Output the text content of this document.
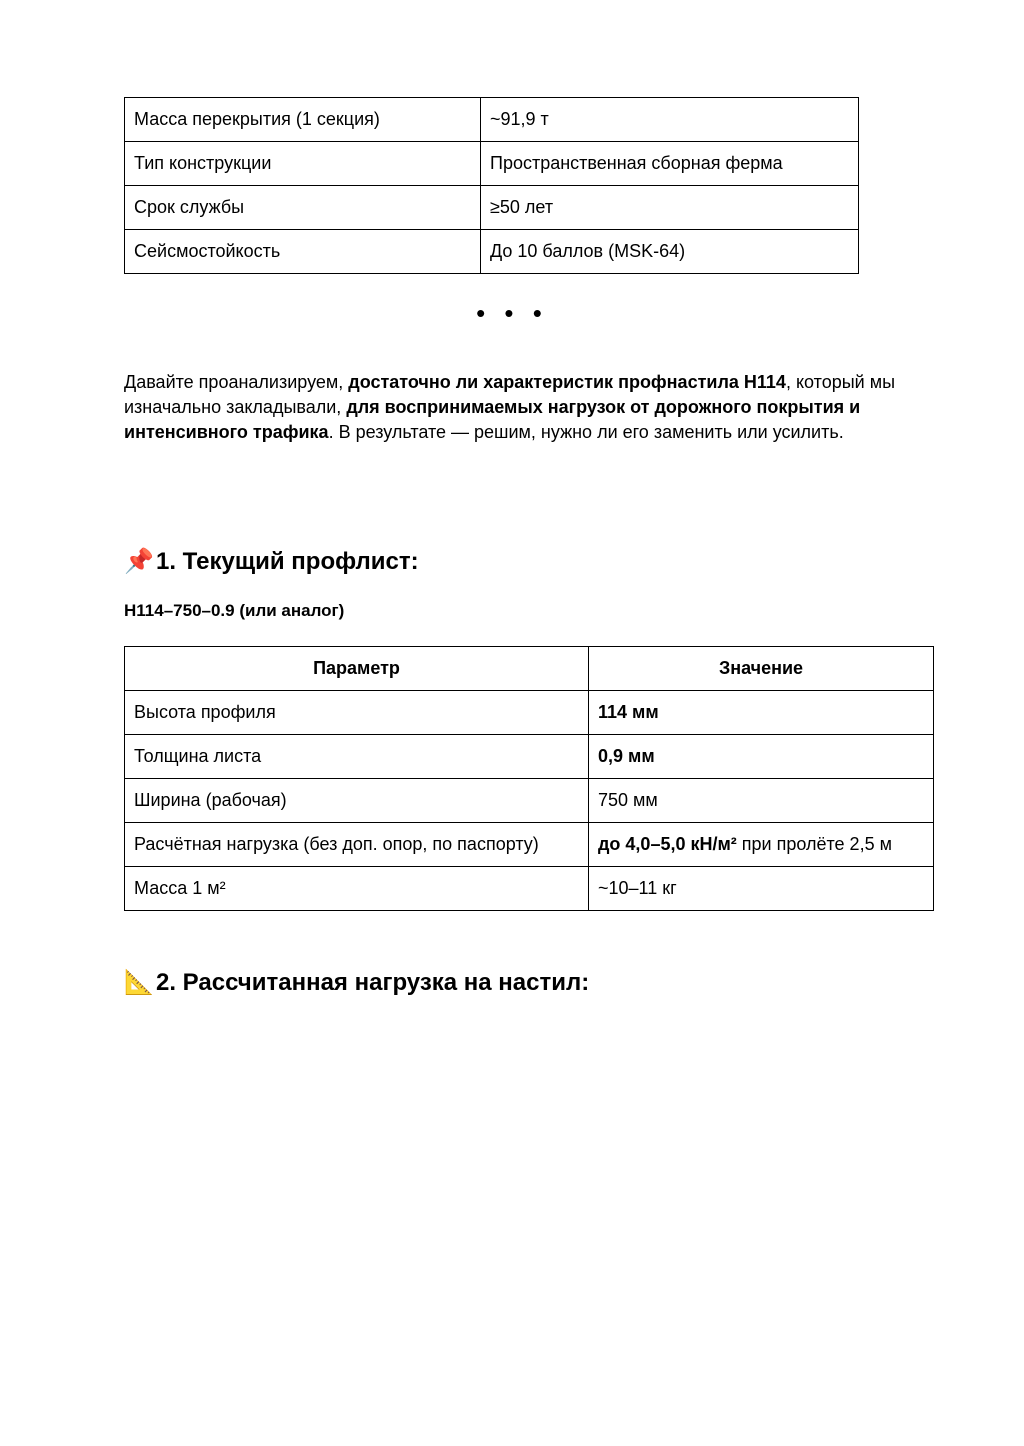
Масса перекрытия (1 секция)	~91,9 т
Тип конструкции	Пространственная сборная ферма
Срок службы	≥50 лет
Сейсмостойкость	До 10 баллов (MSK-64)
• • •

Давайте проанализируем, достаточно ли характеристик профнастила Н114, который мы изначально закладывали, для воспринимаемых нагрузок от дорожного покрытия и интенсивного трафика. В результате — решим, нужно ли его заменить или усилить.

📌1. Текущий профлист:

Н114–750–0.9 (или аналог)

Параметр	Значение
Высота профиля	114 мм
Толщина листа	0,9 мм
Ширина (рабочая)	750 мм
Расчётная нагрузка (без доп. опор, по паспорту)	до 4,0–5,0 кН/м² при пролёте 2,5 м
Масса 1 м²	~10–11 кг
📐2. Рассчитанная нагрузка на настил:
